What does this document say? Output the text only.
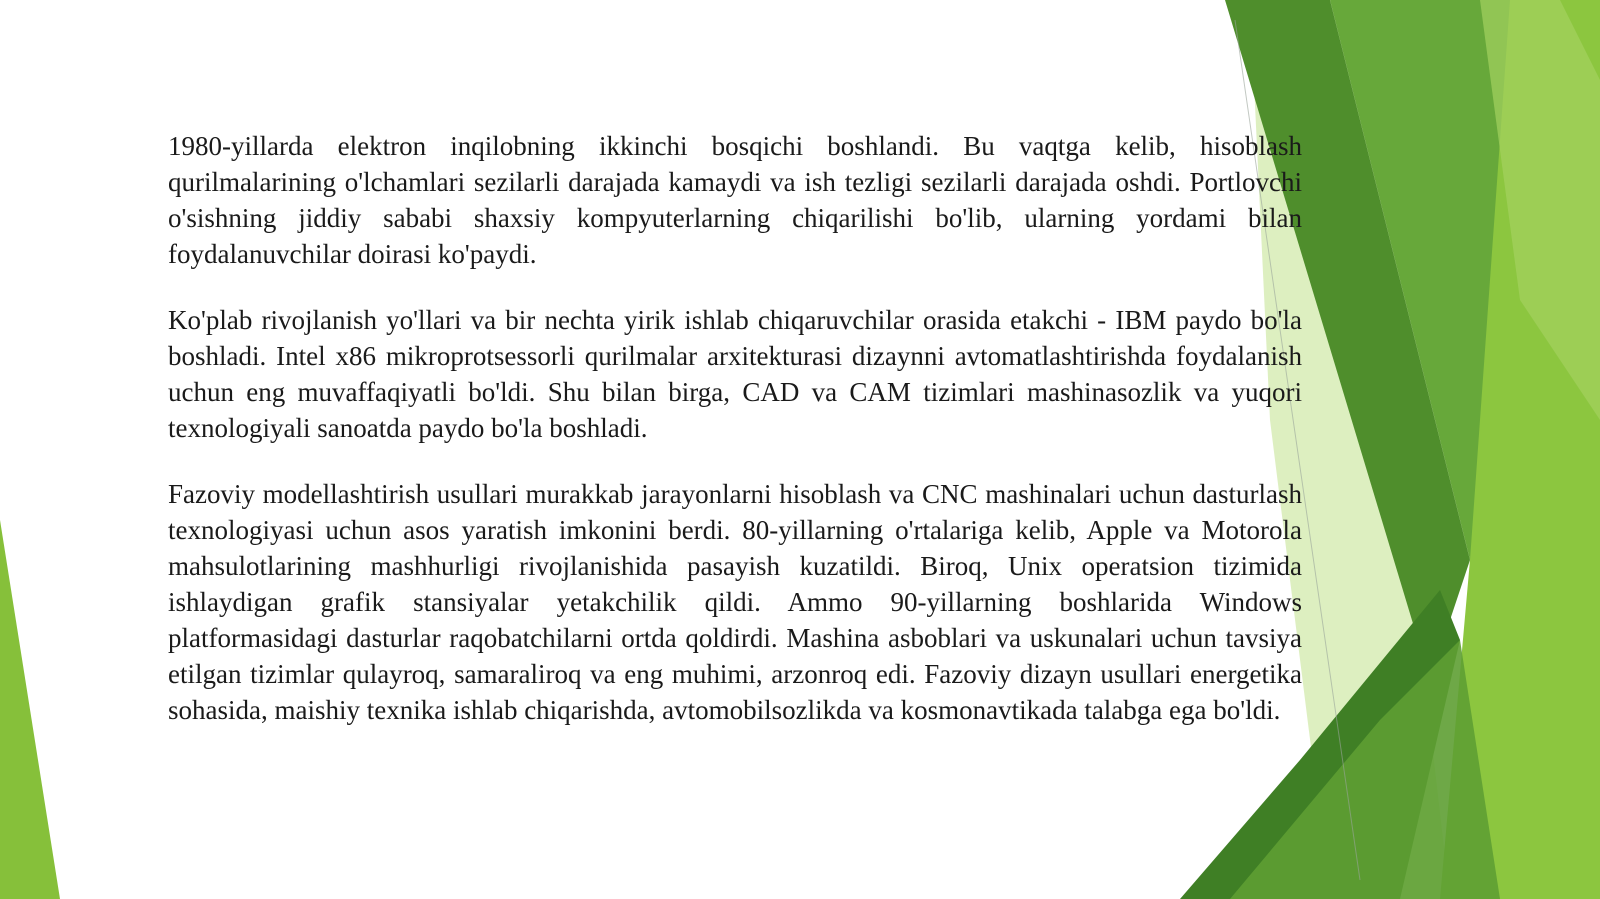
1980-yillarda elektron inqilobning ikkinchi bosqichi boshlandi. Bu vaqtga kelib, hisoblash qurilmalarining o'lchamlari sezilarli darajada kamaydi va ish tezligi sezilarli darajada oshdi. Portlovchi o'sishning jiddiy sababi shaxsiy kompyuterlarning chiqarilishi bo'lib, ularning yordami bilan foydalanuvchilar doirasi ko'paydi.

Ko'plab rivojlanish yo'llari va bir nechta yirik ishlab chiqaruvchilar orasida etakchi - IBM paydo bo'la boshladi. Intel x86 mikroprotsessorli qurilmalar arxitekturasi dizaynni avtomatlashtirishda foydalanish uchun eng muvaffaqiyatli bo'ldi. Shu bilan birga, CAD va CAM tizimlari mashinasozlik va yuqori texnologiyali sanoatda paydo bo'la boshladi.

Fazoviy modellashtirish usullari murakkab jarayonlarni hisoblash va CNC mashinalari uchun dasturlash texnologiyasi uchun asos yaratish imkonini berdi. 80-yillarning o'rtalariga kelib, Apple va Motorola mahsulotlarining mashhurligi rivojlanishida pasayish kuzatildi. Biroq, Unix operatsion tizimida ishlaydigan grafik stansiyalar yetakchilik qildi. Ammo 90-yillarning boshlarida Windows platformasidagi dasturlar raqobatchilarni ortda qoldirdi. Mashina asboblari va uskunalari uchun tavsiya etilgan tizimlar qulayroq, samaraliroq va eng muhimi, arzonroq edi. Fazoviy dizayn usullari energetika sohasida, maishiy texnika ishlab chiqarishda, avtomobilsozlikda va kosmonavtikada talabga ega bo'ldi.
